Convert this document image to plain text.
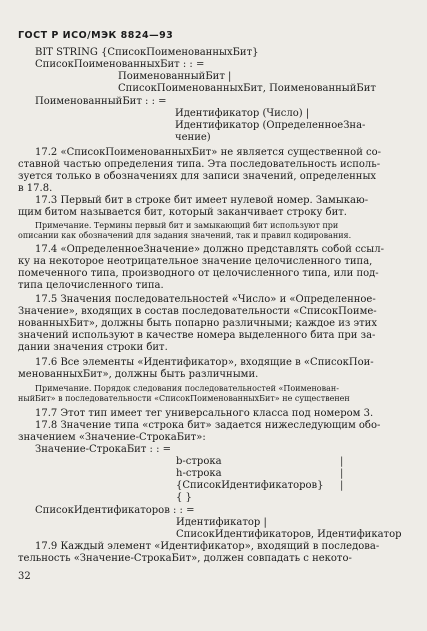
ГОСТ Р ИСО/МЭК 8824—93
BIT STRING {СписокПоименованныхБит}
СписокПоименованныхБит : : =
ПоименованныйБит |
СписокПоименованныхБит, ПоименованныйБит
ПоименованныйБит : : =
Идентификатор (Число) |
Идентификатор (ОпределенноеЗна-
чение)
17.2 «СписокПоименованныхБит» не является существенной со-
ставной частью определения типа. Эта последовательность исполь-
зуется только в обозначениях для записи значений, определенных
в 17.8.
17.3 Первый бит в строке бит имеет нулевой номер. Замыкаю-
щим битом называется бит, который заканчивает строку бит.
Примечание. Термины первый бит и замыкающий бит используют при
описании как обозначений для задания значений, так и правил кодирования.
17.4 «ОпределенноеЗначение» должно представлять собой ссыл-
ку на некоторое неотрицательное значение целочисленного типа,
помеченного типа, производного от целочисленного типа, или под-
типа целочисленного типа.
17.5 Значения последовательностей «Число» и «Определенное-
Значение», входящих в состав последовательности «СписокПоиме-
нованныхБит», должны быть попарно различными; каждое из этих
значений используют в качестве номера выделенного бита при за-
дании значения строки бит.
17.6 Все элементы «Идентификатор», входящие в «СписокПои-
менованныхБит», должны быть различными.
Примечание. Порядок следования последовательностей «Поименован-
ныйБит» в последовательности «СписокПоименованныхБит» не существенен
17.7 Этот тип имеет тег универсального класса под номером 3.
17.8 Значение типа «строка бит» задается нижеследующим обо-
значением «Значение-СтрокаБит»:
Значение-СтрокаБит : : =
b-строка
h-строка
{СписокИдентификаторов}
{ }
|
|
|
СписокИдентификаторов : : =
Идентификатор |
СписокИдентификаторов, Идентификатор
17.9 Каждый элемент «Идентификатор», входящий в последова-
тельность «Значение-СтрокаБит», должен совпадать с некото-
32
